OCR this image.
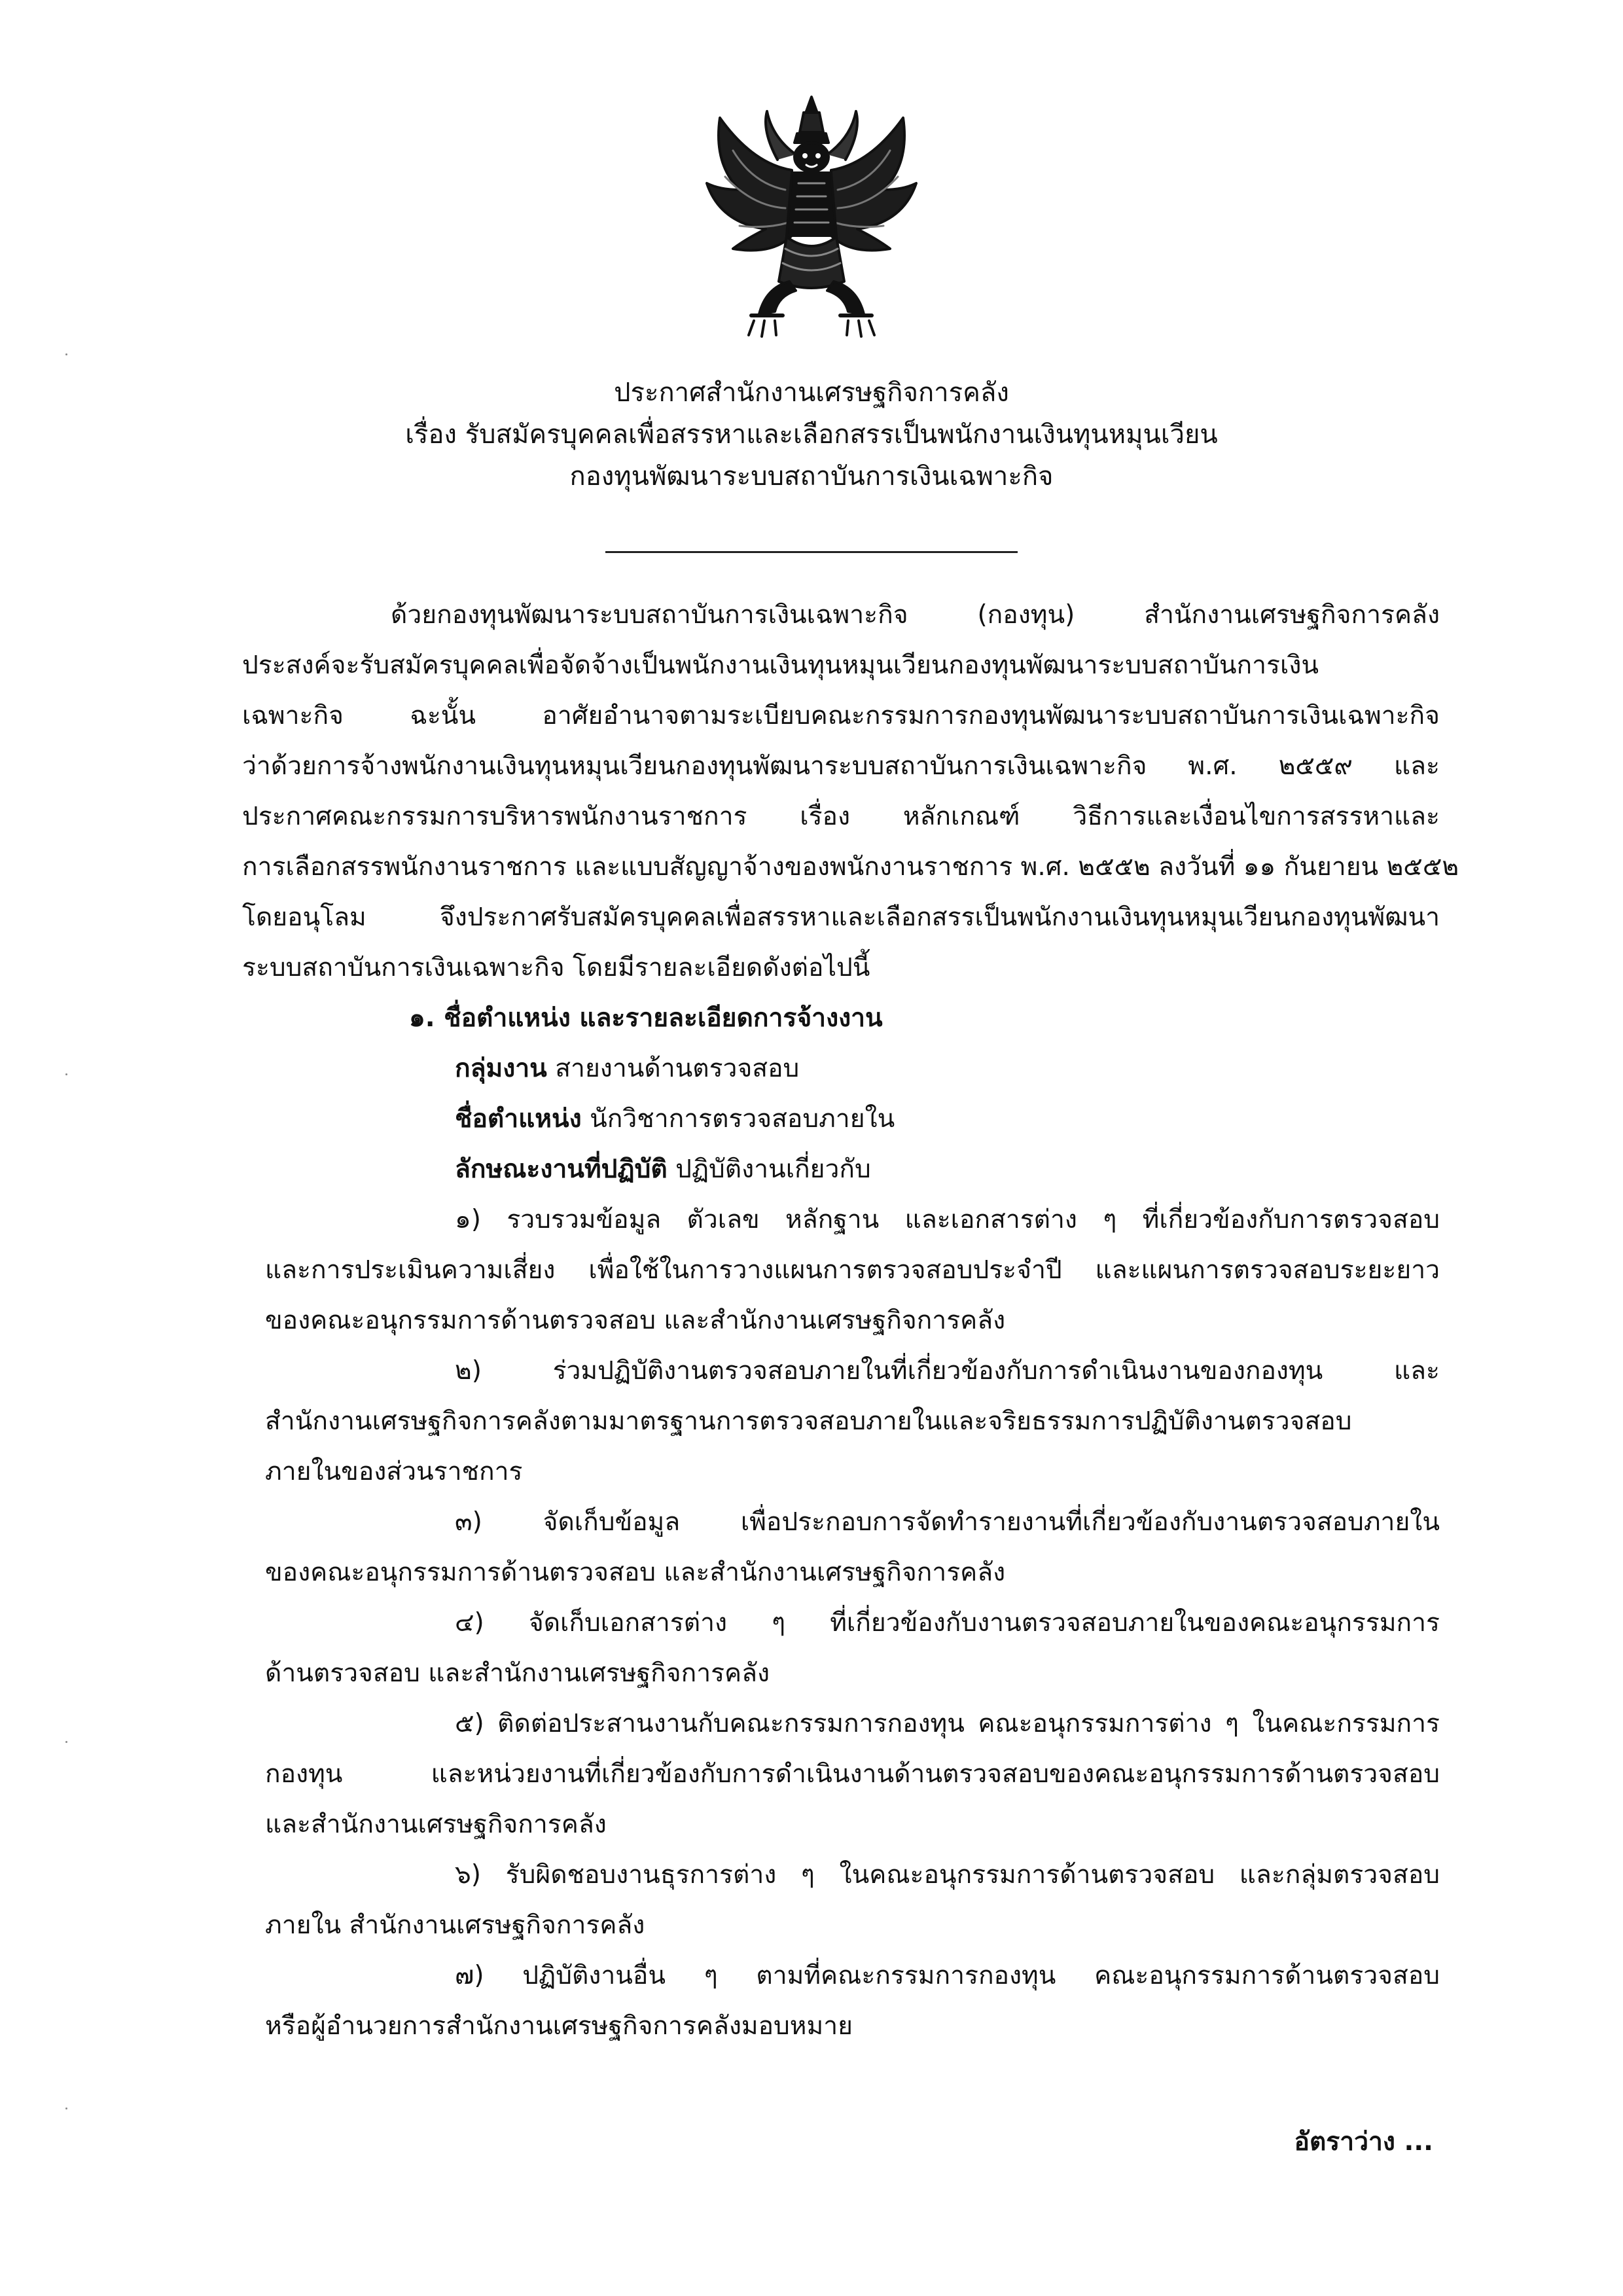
ประกาศสำนักงานเศรษฐกิจการคลัง
เรื่อง รับสมัครบุคคลเพื่อสรรหาและเลือกสรรเป็นพนักงานเงินทุนหมุนเวียน
กองทุนพัฒนาระบบสถาบันการเงินเฉพาะกิจ
ด้วยกองทุนพัฒนาระบบสถาบันการเงินเฉพาะกิจ (กองทุน) สำนักงานเศรษฐกิจการคลัง
ประสงค์จะรับสมัครบุคคลเพื่อจัดจ้างเป็นพนักงานเงินทุนหมุนเวียนกองทุนพัฒนาระบบสถาบันการเงิน
เฉพาะกิจ ฉะนั้น อาศัยอำนาจตามระเบียบคณะกรรมการกองทุนพัฒนาระบบสถาบันการเงินเฉพาะกิจ
ว่าด้วยการจ้างพนักงานเงินทุนหมุนเวียนกองทุนพัฒนาระบบสถาบันการเงินเฉพาะกิจ พ.ศ. ๒๕๕๙ และ
ประกาศคณะกรรมการบริหารพนักงานราชการ เรื่อง หลักเกณฑ์ วิธีการและเงื่อนไขการสรรหาและ
การเลือกสรรพนักงานราชการ และแบบสัญญาจ้างของพนักงานราชการ พ.ศ. ๒๕๕๒ ลงวันที่ ๑๑ กันยายน ๒๕๕๒
โดยอนุโลม จึงประกาศรับสมัครบุคคลเพื่อสรรหาและเลือกสรรเป็นพนักงานเงินทุนหมุนเวียนกองทุนพัฒนา
ระบบสถาบันการเงินเฉพาะกิจ โดยมีรายละเอียดดังต่อไปนี้
๑. ชื่อตำแหน่ง และรายละเอียดการจ้างงาน
กลุ่มงาน สายงานด้านตรวจสอบ
ชื่อตำแหน่ง นักวิชาการตรวจสอบภายใน
ลักษณะงานที่ปฏิบัติ ปฏิบัติงานเกี่ยวกับ
๑) รวบรวมข้อมูล ตัวเลข หลักฐาน และเอกสารต่าง ๆ ที่เกี่ยวข้องกับการตรวจสอบ
และการประเมินความเสี่ยง เพื่อใช้ในการวางแผนการตรวจสอบประจำปี และแผนการตรวจสอบระยะยาว
ของคณะอนุกรรมการด้านตรวจสอบ และสำนักงานเศรษฐกิจการคลัง
๒) ร่วมปฏิบัติงานตรวจสอบภายในที่เกี่ยวข้องกับการดำเนินงานของกองทุน และ
สำนักงานเศรษฐกิจการคลังตามมาตรฐานการตรวจสอบภายในและจริยธรรมการปฏิบัติงานตรวจสอบ
ภายในของส่วนราชการ
๓) จัดเก็บข้อมูล เพื่อประกอบการจัดทำรายงานที่เกี่ยวข้องกับงานตรวจสอบภายใน
ของคณะอนุกรรมการด้านตรวจสอบ และสำนักงานเศรษฐกิจการคลัง
๔) จัดเก็บเอกสารต่าง ๆ ที่เกี่ยวข้องกับงานตรวจสอบภายในของคณะอนุกรรมการ
ด้านตรวจสอบ และสำนักงานเศรษฐกิจการคลัง
๕) ติดต่อประสานงานกับคณะกรรมการกองทุน คณะอนุกรรมการต่าง ๆ ในคณะกรรมการ
กองทุน และหน่วยงานที่เกี่ยวข้องกับการดำเนินงานด้านตรวจสอบของคณะอนุกรรมการด้านตรวจสอบ
และสำนักงานเศรษฐกิจการคลัง
๖) รับผิดชอบงานธุรการต่าง ๆ ในคณะอนุกรรมการด้านตรวจสอบ และกลุ่มตรวจสอบ
ภายใน สำนักงานเศรษฐกิจการคลัง
๗) ปฏิบัติงานอื่น ๆ ตามที่คณะกรรมการกองทุน คณะอนุกรรมการด้านตรวจสอบ
หรือผู้อำนวยการสำนักงานเศรษฐกิจการคลังมอบหมาย
อัตราว่าง ...
